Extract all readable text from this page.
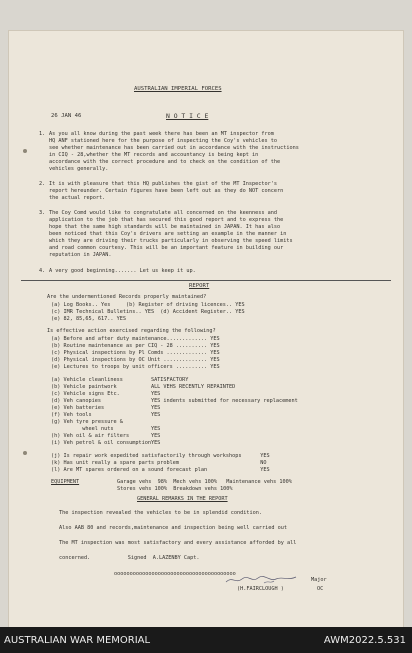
AUSTRALIAN IMPERIAL FORCES
26 JAN 46	N O T I C E
1. As you all know during the past week there has been an MT inspector from
HQ ANF stationed here for the purpose of inspecting the Coy's vehicles to
see whether maintenance has been carried out in accordance with the instructions
in CIQ - 28,whether the MT records and accountancy is being kept in
accordance with the correct procedure and to check on the condition of the
vehicles generally.
2. It is with pleasure that this HQ publishes the gist of the MT Inspector's
report hereunder. Certain figures have been left out as they do NOT concern
the actual report.
3. The Coy Comd would like to congratulate all concerned on the keenness and
application to the job that has secured this good report and to express the
hope that the same high standards will be maintained in JAPAN. It has also
been noticed that this Coy's drivers are setting an example in the manner in
which they are driving their trucks particularly in observing the speed limits
and road common courtesy. This will be an important feature in building our
reputation in JAPAN.
4. A very good beginning....... Let us keep it up.
REPORT
Are the undermentioned Records properly maintained?
(a) Log Books.. Yes     (b) Register of driving licences.. YES
(c) IMR Technical Bulletins.. YES  (d) Accident Register.. YES
(e) 82, 85,65, 617.. YES
Is effective action exercised regarding the following?
(a) Before and after duty maintenance............. YES
(b) Routine maintenance as per CIQ - 28 .......... YES
(c) Physical inspections by Pl Comds ............. YES
(d) Physical inspections by OC Unit .............. YES
(e) Lectures to troops by unit officers .......... YES
(a) Vehicle cleanliness         SATISFACTORY
(b) Vehicle paintwork           ALL VEHS RECENTLY REPAINTED
(c) Vehicle signs Etc.          YES
(d) Veh canopies                YES indents submitted for necessary replacement
(e) Veh batteries               YES
(f) Veh tools                   YES
(g) Veh tyre pressure &
wheel nuts            YES
(h) Veh oil & air filters       YES
(i) Veh petrol & oil consumptionYES
(j) Is repair work expedited satisfactorily through workshops      YES
(k) Has unit really a spare parts problem                          NO
(l) Are MT spares ordered on a sound forecast plan                 YES
EQUIPMENT	Garage vehs  98%  Mech vehs 100%   Maintenance vehs 100%
Stores vehs 100%  Breakdown vehs 100%
GENERAL REMARKS IN THE REPORT
The inspection revealed the vehicles to be in splendid condition.
Also AAB 80 and records,maintenance and inspection being well carried out
The MT inspection was most satisfactory and every assistance afforded by all
concerned.            Signed  A.LAZENBY Capt.
ooooooooooooooooooooooooooooooooooooooo
(H.FAIRCLOUGH )
Major
OC
AUSTRALIAN WAR MEMORIAL	AWM2022.5.531
